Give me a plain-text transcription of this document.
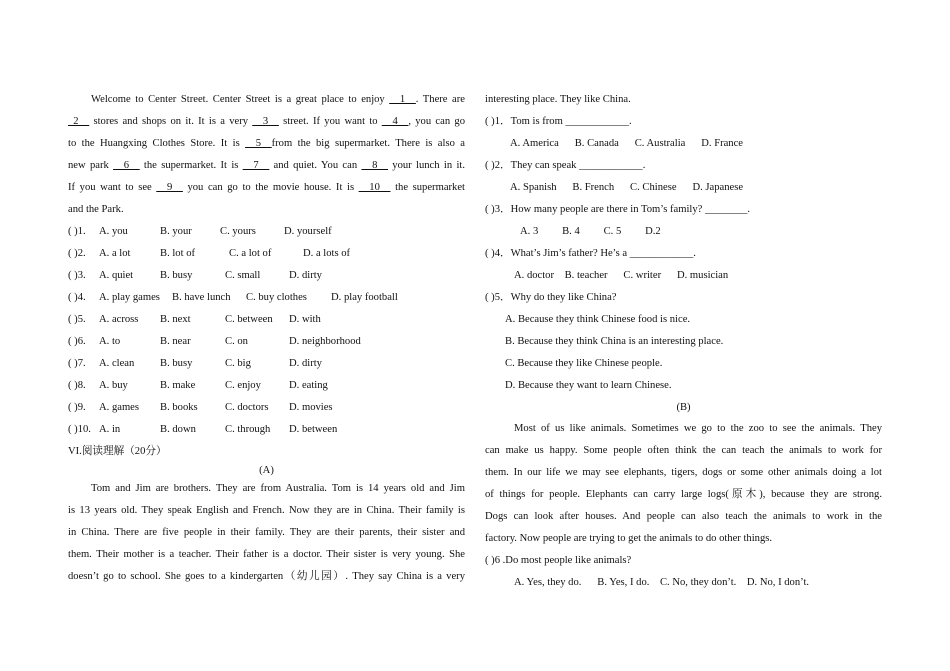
Welcome to Center Street. Center Street is a great place to enjoy __1__. There are
_2__ stores and shops on it. It is a very __3__ street. If you want to __4__, you can go
to the Huangxing Clothes Store. It is __5__from the big supermarket. There is also a
new park __6__ the supermarket. It is __7__ and quiet. You can __8__ your lunch in it.
If you want to see __9__ you can go to the movie house. It is __10__ the supermarket
and the Park.
( )1.	A. you	B. your	C. yours	D. yourself
( )2.	A. a lot	B. lot of	C. a lot of	D. a lots of
( )3.	A. quiet	B. busy	C. small	D. dirty
( )4.	A. play games	B. have lunch	C. buy clothes	D. play football
( )5.	A. across	B. next	C. between	D. with
( )6.	A. to	B. near	C. on	D. neighborhood
( )7.	A. clean	B. busy	C. big	D. dirty
( )8.	A. buy	B. make	C. enjoy	D. eating
( )9.	A. games	B. books	C. doctors	D. movies
( )10. A. in	B. down	C. through	D. between
VI.阅读理解（20分）
(A)
Tom and Jim are brothers. They are from Australia. Tom is 14 years old and Jim
is 13 years old. They speak English and French. Now they are in China. Their family is
in China. There are five people in their family. They are their parents, their sister and
them. Their mother is a teacher. Their father is a doctor. Their sister is very young. She
doesn’t go to school. She goes to a kindergarten（幼儿园）. They say China is a very
interesting place. They like China.
( )1．Tom is from ____________.
A. America      B. Canada      C. Australia      D. France
( )2．They can speak ____________.
A. Spanish      B. French      C. Chinese      D. Japanese
( )3．How many people are there in Tom’s family? ________.
A. 3         B. 4         C. 5         D.2
( )4．What’s Jim’s father? He’s a ____________.
A. doctor    B. teacher      C. writer      D. musician
( )5．Why do they like China?
A. Because they think Chinese food is nice.
B. Because they think China is an interesting place.
C. Because they like Chinese people.
D. Because they want to learn Chinese.
(B)
Most of us like animals. Sometimes we go to the zoo to see the animals. They
can make us happy. Some people often think the can teach the animals to work for
them. In our life we may see elephants, tigers, dogs or some other animals doing a lot
of things for people. Elephants can carry large logs(原木), because they are strong.
Dogs can look after houses. And people can also teach the animals to work in the
factory. Now people are trying to get the animals to do other things.
( )6 .Do most people like animals?
A. Yes, they do.      B. Yes, I do.    C. No, they don’t.    D. No, I don’t.
